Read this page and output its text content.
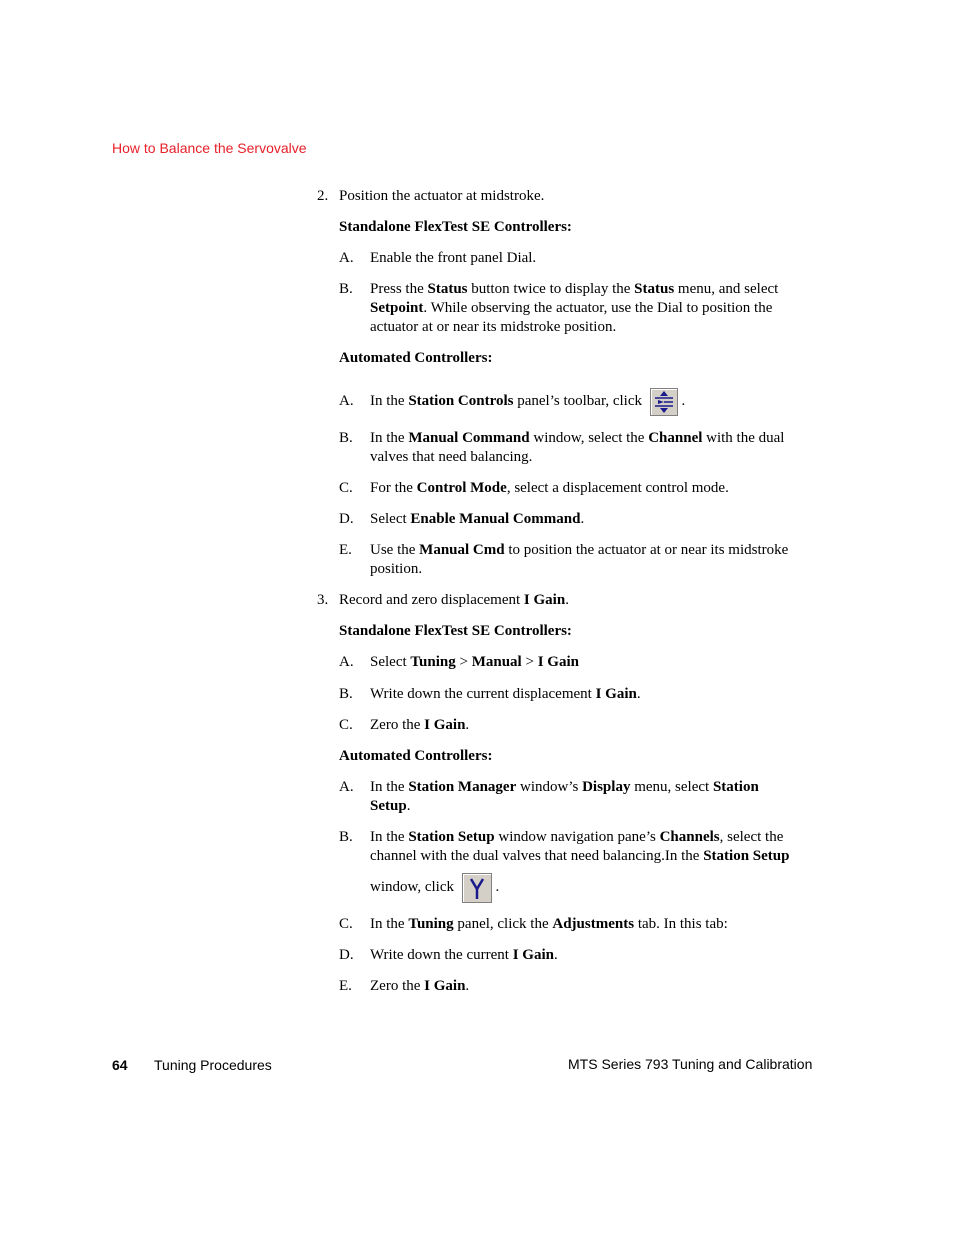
How to Balance the Servovalve
2. Position the actuator at midstroke.
Standalone FlexTest SE Controllers:
A. Enable the front panel Dial.
B. Press the Status button twice to display the Status menu, and select
Setpoint. While observing the actuator, use the Dial to position the
actuator at or near its midstroke position.
Automated Controllers:
A. In the Station Controls panel’s toolbar, click	.
B. In the Manual Command window, select the Channel with the dual
valves that need balancing.
C. For the Control Mode, select a displacement control mode.
D. Select Enable Manual Command.
E. Use the Manual Cmd to position the actuator at or near its midstroke
position.
3. Record and zero displacement I Gain.
Standalone FlexTest SE Controllers:
A. Select Tuning > Manual > I Gain
B. Write down the current displacement I Gain.
C. Zero the I Gain.
Automated Controllers:
A. In the Station Manager window’s Display menu, select Station
Setup.
B. In the Station Setup window navigation pane’s Channels, select the
channel with the dual valves that need balancing.In the Station Setup
window, click	.
C. In the Tuning panel, click the Adjustments tab. In this tab:
D. Write down the current I Gain.
E. Zero the I Gain.
64 Tuning Procedures	MTS Series 793 Tuning and Calibration
